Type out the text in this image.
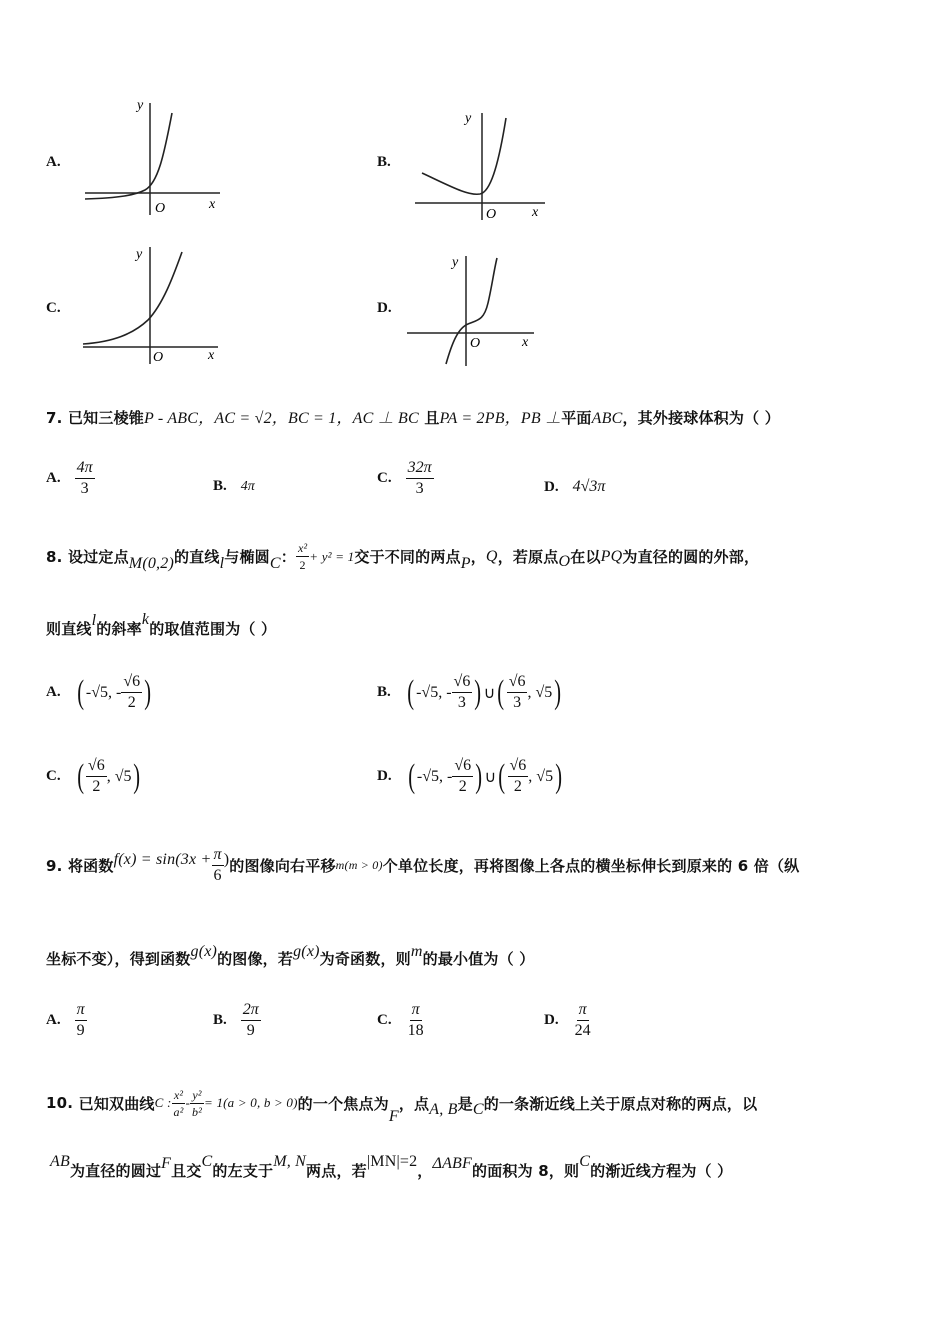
A.
y
x
O
B.
y
x
O
C.
y
x
O
D.
y
x
O
7. 已知三棱锥P - ABC，AC = √2，BC = 1，AC ⊥ BC 且PA = 2PB，PB ⊥平面ABC，其外接球体积为（ ）
A. $\frac{4\pi}{3}$	B. 4π	C. $\frac{32\pi}{3}$	D. 4√3π
8.
设过定点 M(0,2) 的直线 l 与椭圆 C ： $\frac{\text{x²}}{2} + y^2 = 1$ 交于不同的两点 P ， Q ，若原点 O 在以 PQ 为直径的圆的外部，
则直线 l 的斜率
k
的取值范围为（ ）
A. ( -√5, - $\frac{√6}{2}$ )	B. ( -√5, - $\frac{√6}{3}$ ) ∪ ( $\frac{√6}{3}$ , √5 )
C. ( $\frac{√6}{2}$ , √5 )	D. ( -√5, - $\frac{√6}{2}$ ) ∪ ( $\frac{√6}{2}$ , √5 )
9.
将函数 $f(x) = \sin(3x + \frac{\pi}{6}$ ) 的图像向右平移 m(m > 0) 个单位长度，再将图像上各点的横坐标伸长到原来的 6 倍（纵
坐标不变），得到函数 g(x) 的图像，若 g(x) 为奇函数，则 m 的最小值为（ ）
A. $\frac{\pi}{9}$	B. $\frac{2\pi}{9}$	C. $\frac{\pi}{18}$	D. $\frac{\pi}{24}$
10.
已知双曲线 C : $\frac{\text{x²}}{\text{a²}} - \frac{\text{y²}}{\text{b²}} = 1(a > 0$, b > 0) 的一个焦点为
F
，点 A, B 是 C 的一条渐近线上关于原点对称的两点，以
AB
为直径的圆过 F 且交
C
的左支于
M, N
两点，若
|MN|=2
， ΔABF 的面积为 8，则
C
的渐近线方程为（ ）
